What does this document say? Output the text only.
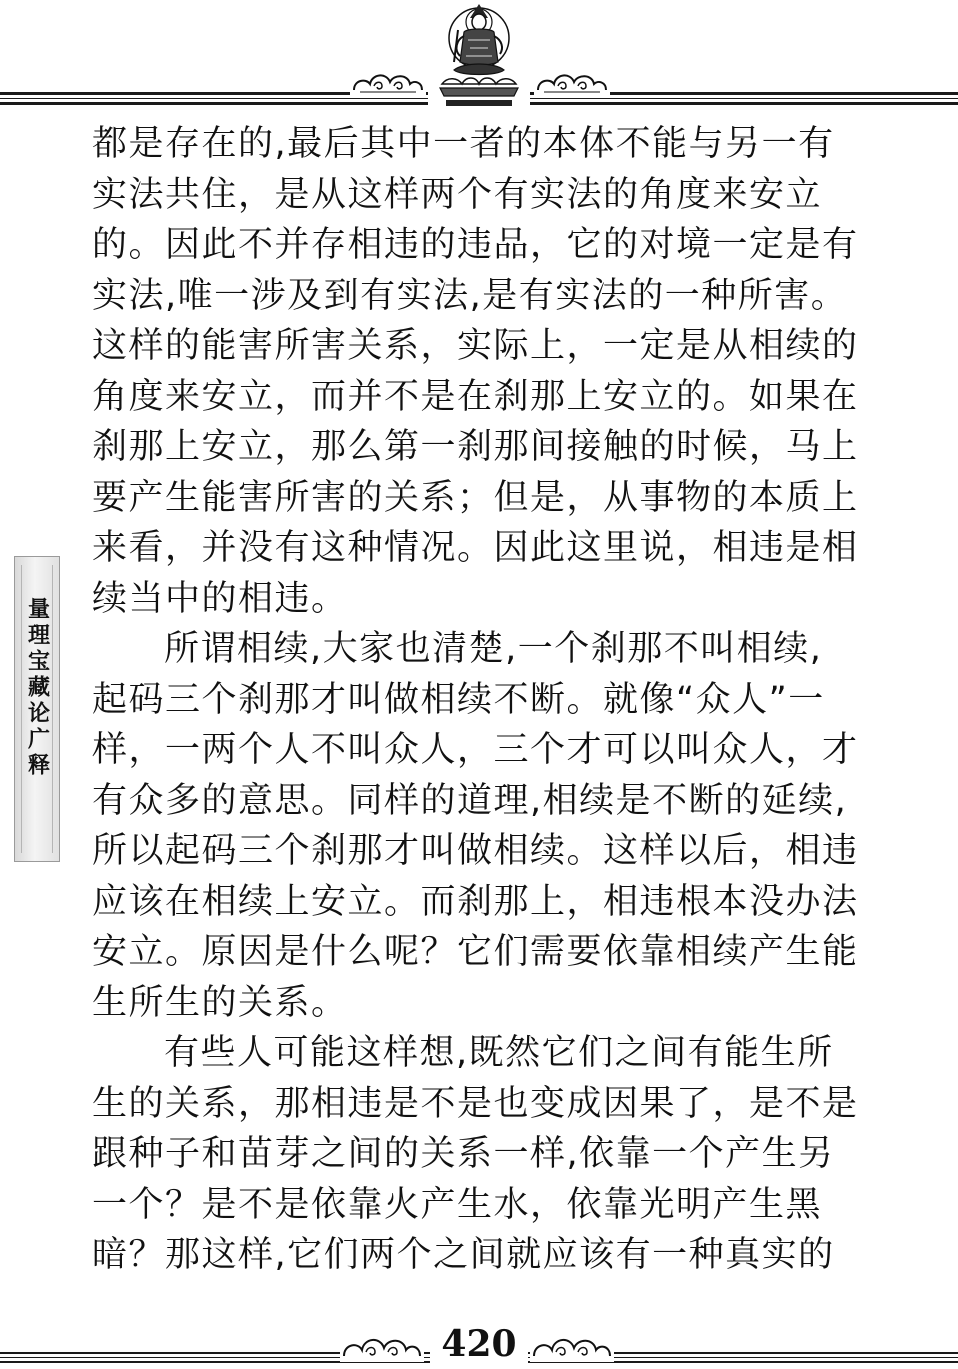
量理宝藏论广释
都是存在的,最后其中一者的本体不能与另一有
实法共住，是从这样两个有实法的角度来安立
的。因此不并存相违的违品，它的对境一定是有
实法,唯一涉及到有实法,是有实法的一种所害。
这样的能害所害关系，实际上，一定是从相续的
角度来安立，而并不是在刹那上安立的。如果在
刹那上安立，那么第一刹那间接触的时候，马上
要产生能害所害的关系；但是，从事物的本质上
来看，并没有这种情况。因此这里说，相违是相
续当中的相违。
所谓相续,大家也清楚,一个刹那不叫相续,
起码三个刹那才叫做相续不断。就像“众人”一
样，一两个人不叫众人，三个才可以叫众人，才
有众多的意思。同样的道理,相续是不断的延续,
所以起码三个刹那才叫做相续。这样以后，相违
应该在相续上安立。而刹那上，相违根本没办法
安立。原因是什么呢？它们需要依靠相续产生能
生所生的关系。
有些人可能这样想,既然它们之间有能生所
生的关系，那相违是不是也变成因果了，是不是
跟种子和苗芽之间的关系一样,依靠一个产生另
一个？是不是依靠火产生水，依靠光明产生黑
暗？那这样,它们两个之间就应该有一种真实的
420
